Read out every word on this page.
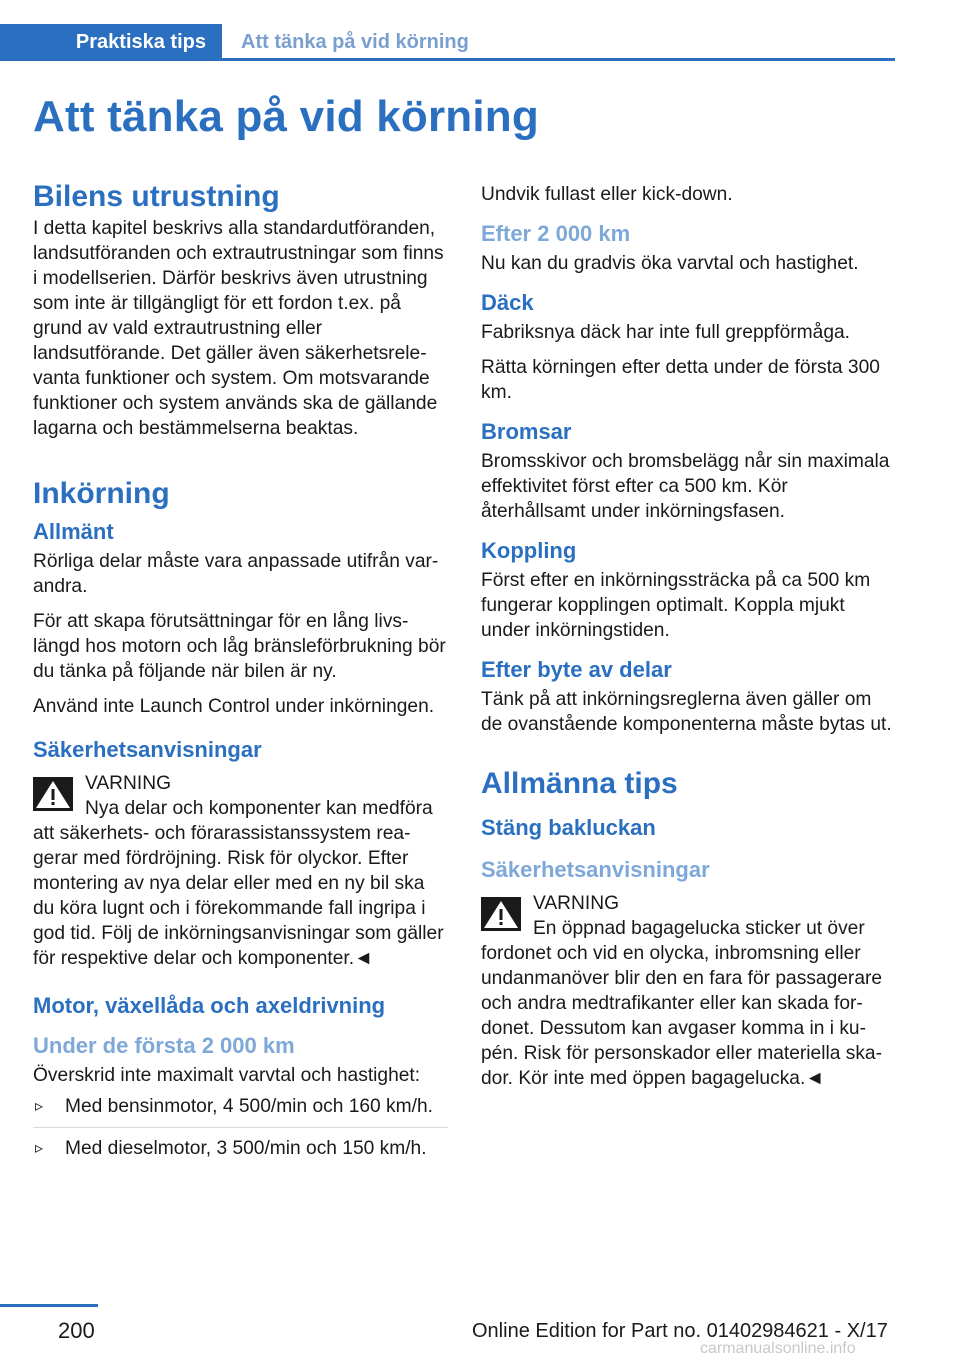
Praktiska tips	Att tänka på vid körning
Att tänka på vid körning
Bilens utrustning

I detta kapitel beskrivs alla standardutföranden, landsutföranden och extrautrustningar som finns i modellserien. Därför beskrivs även utrustning som inte är tillgängligt för ett fordon t.ex. på grund av vald extrautrustning eller landsutförande. Det gäller även säkerhetsrelevanta funktioner och system. Om motsvarande funktioner och system används ska de gällande lagarna och bestämmelserna beaktas.

Inkörning
Allmänt

Rörliga delar måste vara anpassade utifrån varandra.

För att skapa förutsättningar för en lång livslängd hos motorn och låg bränsleförbrukning bör du tänka på följande när bilen är ny.

Använd inte Launch Control under inkörningen.

Säkerhetsanvisningar
VARNING
Nya delar och komponenter kan medföra
att säkerhets- och förarassistanssystem reagerar med fördröjning. Risk för olyckor. Efter montering av nya delar eller med en ny bil ska du köra lugnt och i förekommande fall ingripa i god tid. Följ de inkörningsanvisningar som gäller för respektive delar och komponenter.◄
Motor, växellåda och axeldrivning
Under de första 2 000 km

Överskrid inte maximalt varvtal och hastighet:

▹ Med bensinmotor, 4 500/min och 160 km/h.
▹ Med dieselmotor, 3 500/min och 150 km/h.

Undvik fullast eller kick-down.

Efter 2 000 km

Nu kan du gradvis öka varvtal och hastighet.

Däck

Fabriksnya däck har inte full greppförmåga.

Rätta körningen efter detta under de första 300 km.

Bromsar

Bromsskivor och bromsbelägg når sin maximala effektivitet först efter ca 500 km. Kör återhållsamt under inkörningsfasen.

Koppling

Först efter en inkörningssträcka på ca 500 km fungerar kopplingen optimalt. Koppla mjukt under inkörningstiden.

Efter byte av delar

Tänk på att inkörningsreglerna även gäller om de ovanstående komponenterna måste bytas ut.

Allmänna tips
Stäng bakluckan
Säkerhetsanvisningar
VARNING
En öppnad bagagelucka sticker ut över
fordonet och vid en olycka, inbromsning eller undanmanöver blir den en fara för passagerare och andra medtrafikanter eller kan skada fordonet. Dessutom kan avgaser komma in i kupén. Risk för personskador eller materiella skador. Kör inte med öppen bagagelucka.◄
200	Online Edition for Part no. 01402984621 - X/17
carmanualsonline.info
